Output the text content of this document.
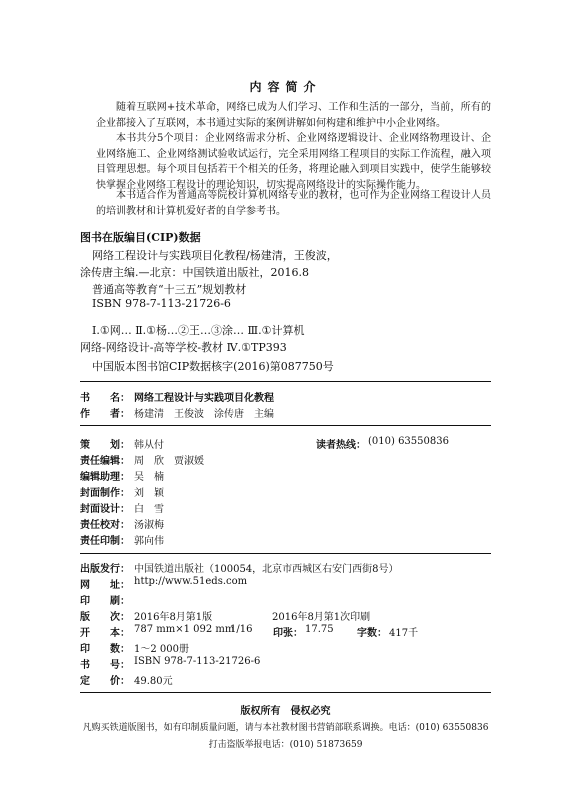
内容简介
随着互联网+技术革命，网络已成为人们学习、工作和生活的一部分，当前，所有的企业都接入了互联网，本书通过实际的案例讲解如何构建和维护中小企业网络。
本书共分5个项目：企业网络需求分析、企业网络逻辑设计、企业网络物理设计、企业网络施工、企业网络测试验收试运行，完全采用网络工程项目的实际工作流程，融入项目管理思想。每个项目包括若干个相关的任务，将理论融入到项目实践中，使学生能够较快掌握企业网络工程设计的理论知识，切实提高网络设计的实际操作能力。
本书适合作为普通高等院校计算机网络专业的教材，也可作为企业网络工程设计人员的培训教材和计算机爱好者的自学参考书。
图书在版编目(CIP)数据
网络工程设计与实践项目化教程/杨建清，王俊波，
涂传唐主编.—北京：中国铁道出版社，2016.8
普通高等教育“十三五”规划教材
ISBN 978-7-113-21726-6
Ⅰ.①网… Ⅱ.①杨…②王…③涂… Ⅲ.①计算机
网络-网络设计-高等学校-教材 Ⅳ.①TP393
中国版本图书馆CIP数据核字(2016)第087750号
书　　名： 网络工程设计与实践项目化教程
作　　者： 杨建清　王俊波　涂传唐　主编
策　　划： 韩从付	读者热线： (010) 63550836
责任编辑： 周　欣　贾淑媛
编辑助理： 吴　楠
封面制作： 刘　颖
封面设计： 白　雪
责任校对： 汤淑梅
责任印制： 郭向伟
出版发行： 中国铁道出版社（100054，北京市西城区右安门西街8号）
网　　址： http://www.51eds.com
印　　刷：
版　　次： 2016年8月第1版	2016年8月第1次印刷
开　　本： 787 mm×1 092 mm
1/16 印张： 17.75 字数： 417千
印　　数： 1～2 000册
书　　号： ISBN 978-7-113-21726-6
定　　价： 49.80元
版权所有　侵权必究
凡购买铁道版图书，如有印制质量问题，请与本社教材图书营销部联系调换。电话：(010) 63550836
打击盗版举报电话：(010) 51873659
